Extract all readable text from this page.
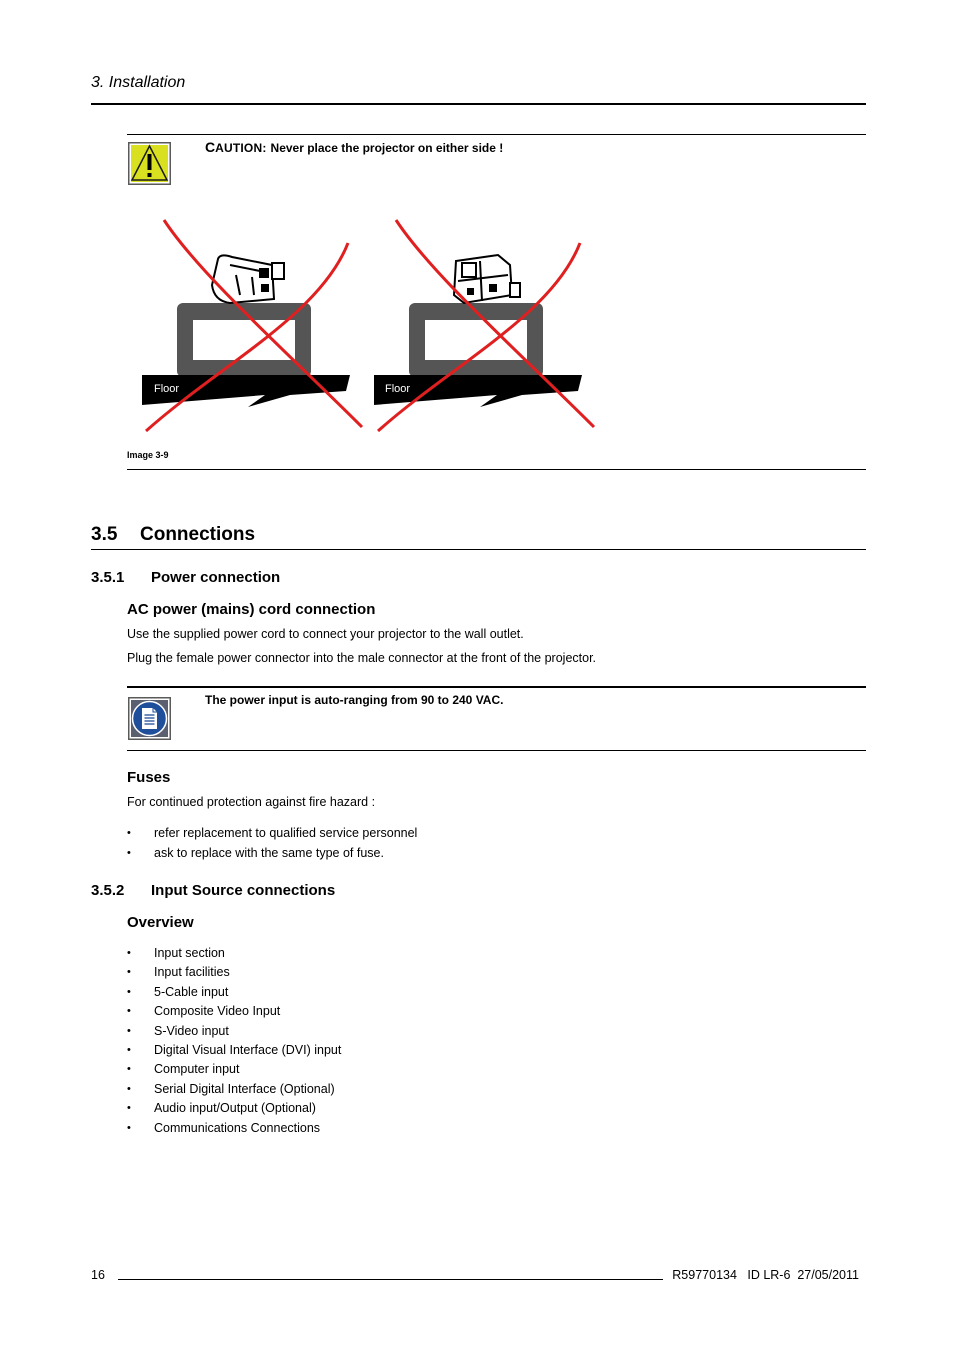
3. Installation
CAUTION: Never place the projector on either side !
Floor	Floor
Image 3-9
3.5 Connections
3.5.1 Power connection
AC power (mains) cord connection
Use the supplied power cord to connect your projector to the wall outlet.
Plug the female power connector into the male connector at the front of the projector.
The power input is auto-ranging from 90 to 240 VAC.
Fuses
For continued protection against fire hazard :
• refer replacement to qualified service personnel
• ask to replace with the same type of fuse.
3.5.2 Input Source connections
Overview
• Input section
• Input facilities
• 5-Cable input
• Composite Video Input
• S-Video input
• Digital Visual Interface (DVI) input
• Computer input
• Serial Digital Interface (Optional)
• Audio input/Output (Optional)
• Communications Connections
16	R59770134   ID LR-6  27/05/2011
